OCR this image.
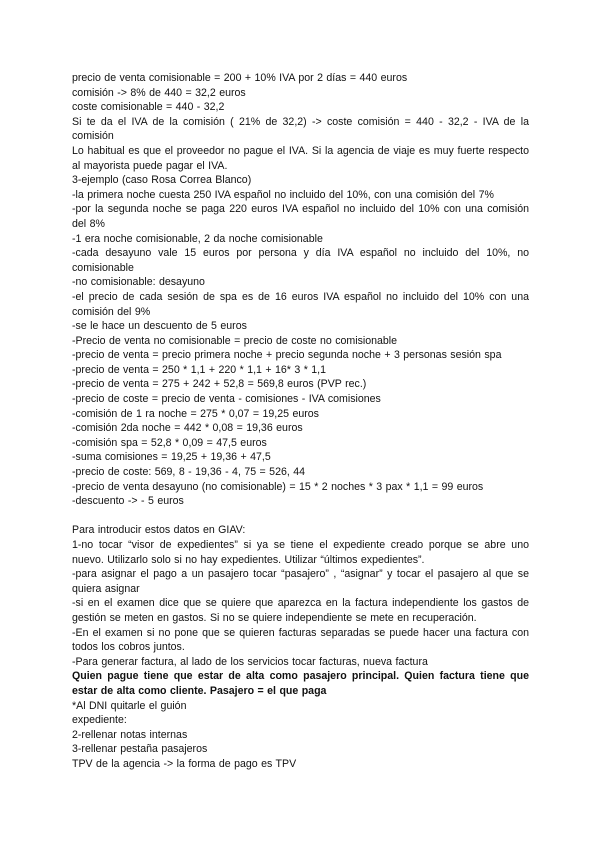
precio de venta comisionable = 200 + 10% IVA por 2 días = 440 euros

comisión -> 8% de 440 = 32,2 euros

coste comisionable = 440 - 32,2

Si te da el IVA de la comisión ( 21% de 32,2) -> coste comisión = 440 - 32,2 - IVA de la comisión

Lo habitual es que el proveedor no pague el IVA. Si la agencia de viaje es muy fuerte respecto al mayorista puede pagar el IVA.

3-ejemplo (caso Rosa Correa Blanco)

-la primera noche cuesta 250 IVA español no incluido del 10%, con una comisión del 7%

-por la segunda noche se paga 220 euros IVA español no incluido del 10% con una comisión del 8%

-1 era noche comisionable, 2 da noche comisionable

-cada desayuno vale 15 euros por persona y día IVA español no incluido del 10%, no comisionable

-no comisionable: desayuno

-el precio de cada sesión de spa es de 16 euros IVA español no incluido del 10% con una comisión del 9%

-se le hace un descuento de 5 euros

-Precio de venta no comisionable = precio de coste no comisionable

-precio de venta = precio primera noche + precio segunda noche + 3 personas sesión spa

-precio de venta = 250 * 1,1 + 220 * 1,1 + 16* 3 * 1,1

-precio de venta = 275 + 242 + 52,8 = 569,8 euros (PVP rec.)

-precio de coste = precio de venta - comisiones - IVA comisiones

-comisión de 1 ra noche = 275 * 0,07 = 19,25 euros

-comisión 2da noche = 442 * 0,08 = 19,36 euros

-comisión spa = 52,8 * 0,09 = 47,5 euros

-suma comisiones = 19,25 + 19,36 + 47,5

-precio de coste: 569, 8 - 19,36 - 4, 75 = 526, 44

-precio de venta desayuno (no comisionable) = 15 * 2 noches * 3 pax * 1,1 = 99 euros

-descuento -> - 5 euros

Para introducir estos datos en GIAV:

1-no tocar “visor de expedientes” si ya se tiene el expediente creado porque se abre uno nuevo. Utilizarlo solo si no hay expedientes. Utilizar “últimos expedientes”.

-para asignar el pago a un pasajero tocar “pasajero” , “asignar” y tocar el pasajero al que se quiera asignar

-si en el examen dice que se quiere que aparezca en la factura independiente los gastos de gestión se meten en gastos. Si no se quiere independiente se mete en recuperación.

-En el examen si no pone que se quieren facturas separadas se puede hacer una factura con todos los cobros juntos.

-Para generar factura, al lado de los servicios tocar facturas, nueva factura

Quien pague tiene que estar de alta como pasajero principal. Quien factura tiene que estar de alta como cliente. Pasajero = el que paga

*Al DNI quitarle el guión

expediente:

2-rellenar notas internas

3-rellenar pestaña pasajeros

TPV de la agencia -> la forma de pago es TPV
